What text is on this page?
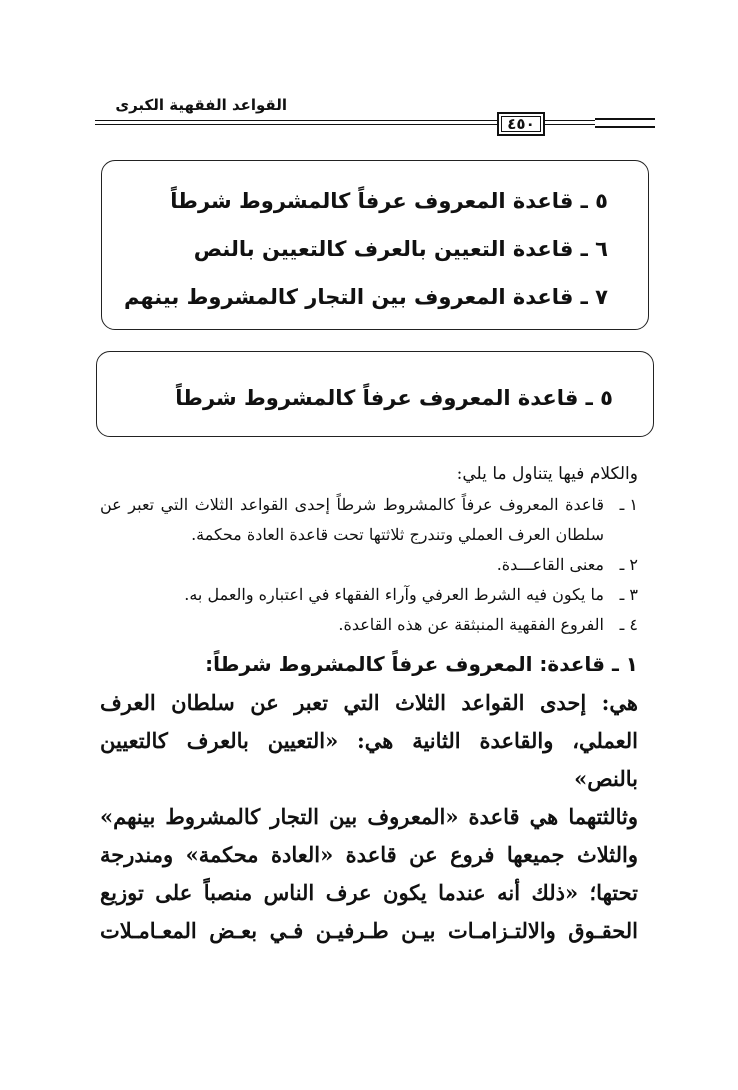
القواعد الفقهية الكبرى
٤٥٠
٥ ـ قاعدة المعروف عرفاً كالمشروط شرطاً
٦ ـ قاعدة التعيين بالعرف كالتعيين بالنص
٧ ـ قاعدة المعروف بين التجار كالمشروط بينهم
٥ ـ قاعدة المعروف عرفاً كالمشروط شرطاً

والكلام فيها يتناول ما يلي:

١ ـ
قاعدة المعروف عرفاً كالمشروط شرطاً إحدى القواعد الثلاث التي تعبر عن سلطان العرف العملي وتندرج ثلاثتها تحت قاعدة العادة محكمة.
٢ ـ
معنى القاعـــدة.
٣ ـ
ما يكون فيه الشرط العرفي وآراء الفقهاء في اعتباره والعمل به.
٤ ـ
الفروع الفقهية المنبثقة عن هذه القاعدة.
١ ـ قاعدة: المعروف عرفاً كالمشروط شرطاً:

هي: إحدى القواعد الثلاث التي تعبر عن سلطان العرف

العملي، والقاعدة الثانية هي: «التعيين بالعرف كالتعيين بالنص»

وثالثتهما هي قاعدة «المعروف بين التجار كالمشروط بينهم»

والثلاث جميعها فروع عن قاعدة «العادة محكمة» ومندرجة

تحتها؛ «ذلك أنه عندما يكون عرف الناس منصباً على توزيع

الحقـوق والالتـزامـات بيـن طـرفيـن فـي بعـض المعـامـلات
